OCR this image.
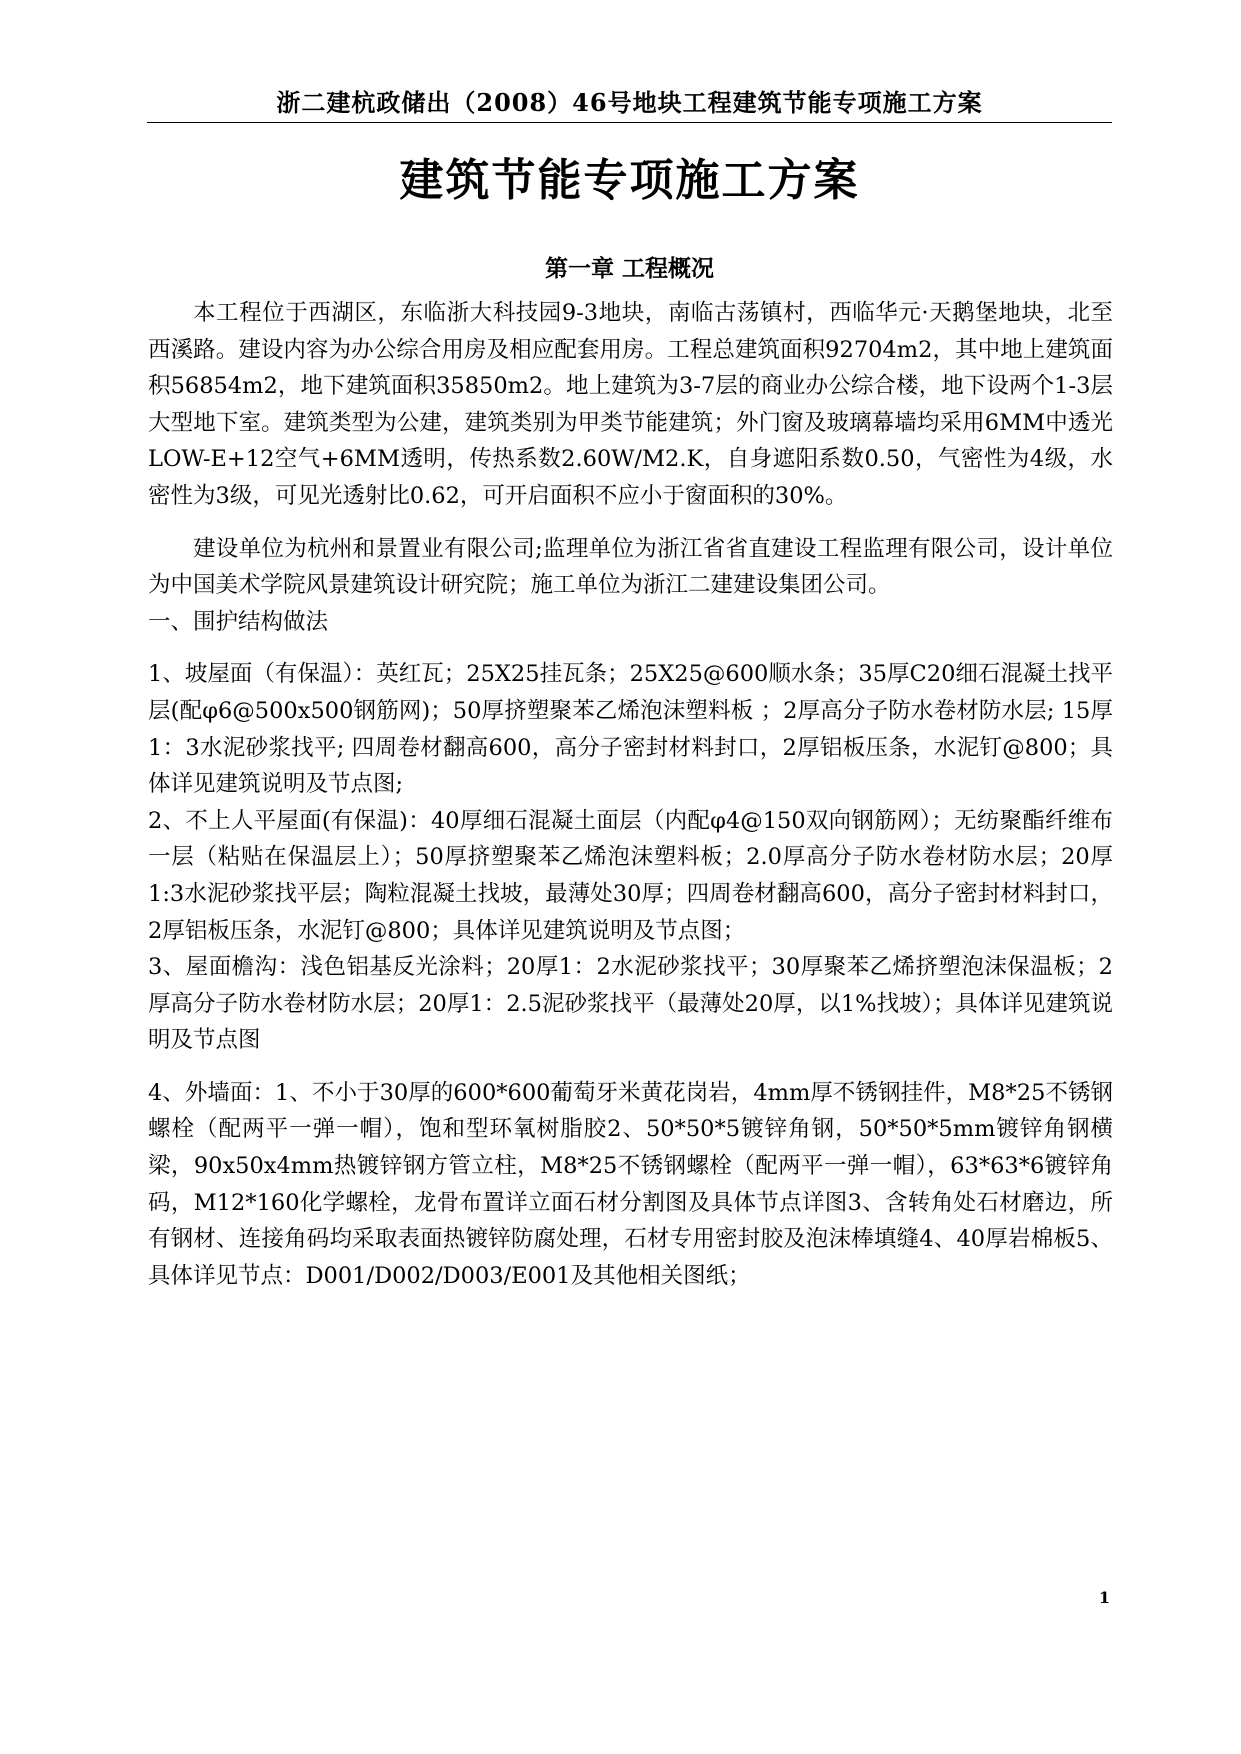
浙二建杭政储出（2008）46号地块工程建筑节能专项施工方案
建筑节能专项施工方案
第一章 工程概况

本工程位于西湖区，东临浙大科技园9-3地块，南临古荡镇村，西临华元·天鹅堡地块，北至西溪路。建设内容为办公综合用房及相应配套用房。工程总建筑面积92704m2，其中地上建筑面积56854m2，地下建筑面积35850m2。地上建筑为3-7层的商业办公综合楼，地下设两个1-3层大型地下室。建筑类型为公建，建筑类别为甲类节能建筑；外门窗及玻璃幕墙均采用6MM中透光LOW-E+12空气+6MM透明，传热系数2.60W/M2.K，自身遮阳系数0.50，气密性为4级，水密性为3级，可见光透射比0.62，可开启面积不应小于窗面积的30%。

建设单位为杭州和景置业有限公司;监理单位为浙江省省直建设工程监理有限公司，设计单位为中国美术学院风景建筑设计研究院；施工单位为浙江二建建设集团公司。

一、围护结构做法

1、坡屋面（有保温）：英红瓦；25X25挂瓦条；25X25@600顺水条；35厚C20细石混凝土找平层(配φ6@500x500钢筋网)；50厚挤塑聚苯乙烯泡沫塑料板 ；2厚高分子防水卷材防水层; 15厚1：3水泥砂浆找平; 四周卷材翻高600，高分子密封材料封口，2厚铝板压条，水泥钉@800；具体详见建筑说明及节点图;

2、不上人平屋面(有保温)：40厚细石混凝土面层（内配φ4@150双向钢筋网）；无纺聚酯纤维布一层（粘贴在保温层上）；50厚挤塑聚苯乙烯泡沫塑料板；2.0厚高分子防水卷材防水层；20厚1:3水泥砂浆找平层；陶粒混凝土找坡，最薄处30厚；四周卷材翻高600，高分子密封材料封口，2厚铝板压条，水泥钉@800；具体详见建筑说明及节点图；

3、屋面檐沟：浅色铝基反光涂料；20厚1：2水泥砂浆找平；30厚聚苯乙烯挤塑泡沫保温板；2厚高分子防水卷材防水层；20厚1：2.5泥砂浆找平（最薄处20厚，以1%找坡）；具体详见建筑说明及节点图

4、外墙面：1、不小于30厚的600*600葡萄牙米黄花岗岩，4mm厚不锈钢挂件，M8*25不锈钢螺栓（配两平一弹一帽），饱和型环氧树脂胶2、50*50*5镀锌角钢，50*50*5mm镀锌角钢横梁，90x50x4mm热镀锌钢方管立柱，M8*25不锈钢螺栓（配两平一弹一帽），63*63*6镀锌角码，M12*160化学螺栓，龙骨布置详立面石材分割图及具体节点详图3、含转角处石材磨边，所有钢材、连接角码均采取表面热镀锌防腐处理，石材专用密封胶及泡沫棒填缝4、40厚岩棉板5、具体详见节点：D001/D002/D003/E001及其他相关图纸；

1
